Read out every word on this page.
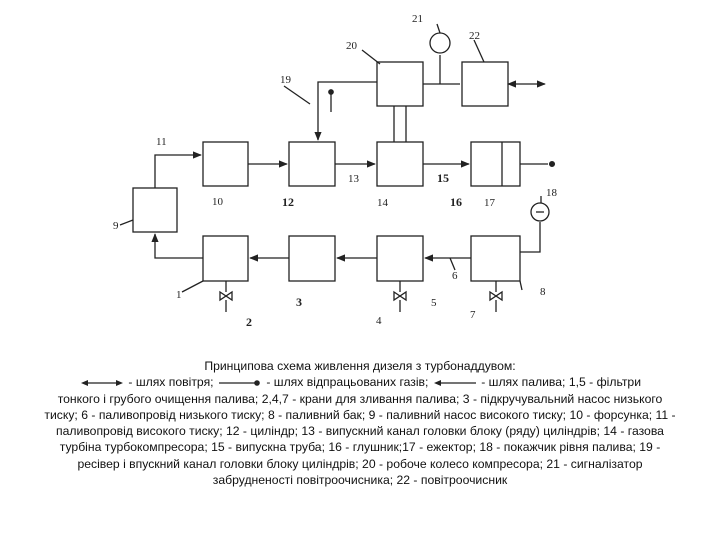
21
20
22
19
11
9
10	12
13
14
15
16 17
18
6
8
1
2
3
4
5
7

Принципова схема живлення дизеля з турбонаддувом:

- шлях повітря;	- шлях відпрацьованих газів;	- шлях палива; 1,5 - фільтри

тонкого і грубого очищення палива; 2,4,7 - крани для зливання палива; 3 - підкручувальний насос низького тиску; 6 - паливопровід низького тиску; 8 - паливний бак; 9 - паливний насос високого тиску; 10 - форсунка; 11 - паливопровід високого тиску; 12 - циліндр; 13 - випускний канал головки блоку (ряду) циліндрів; 14 - газова турбіна турбокомпресора; 15 - випускна труба; 16 - глушник;17 - ежектор; 18 - покажчик рівня палива; 19 - ресівер і впускний канал головки блоку циліндрів; 20 - робоче колесо компресора; 21 - сигналізатор забрудненості повітроочисника; 22 - повітроочисник
